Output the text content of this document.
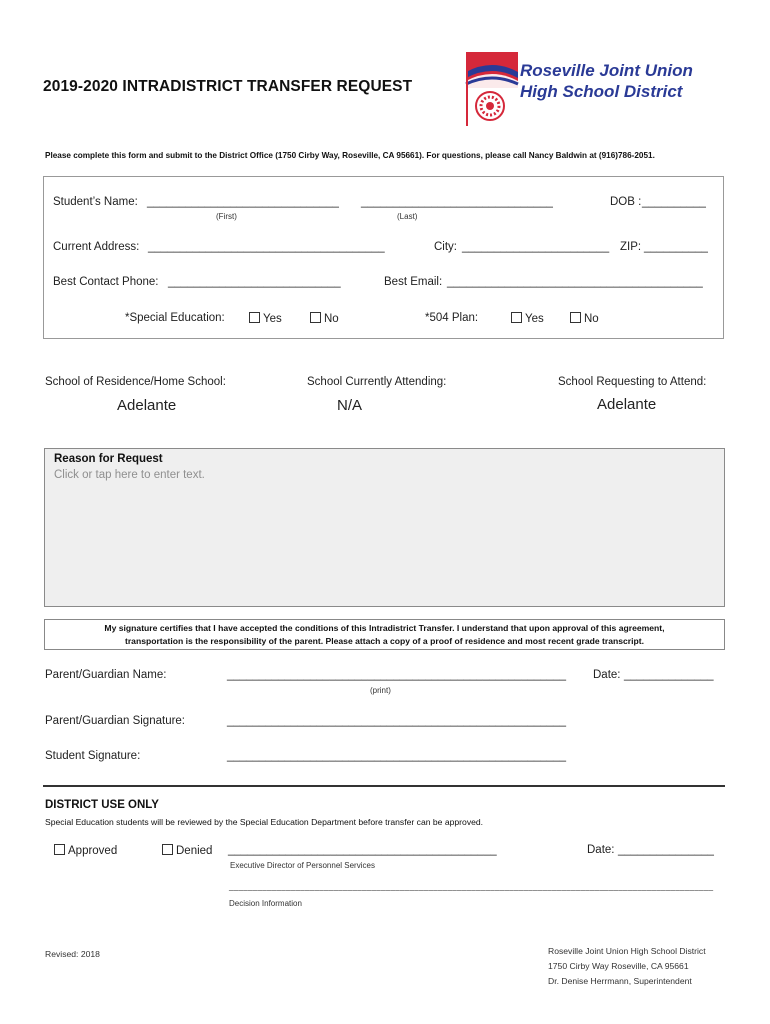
2019-2020 INTRADISTRICT TRANSFER REQUEST
Roseville Joint Union
High School District
Please complete this form and submit to the District Office (1750 Cirby Way, Roseville, CA 95661). For questions, please call Nancy Baldwin at (916)786-2051.
Student’s Name: ______________________________ ______________________________
(First)	(Last)
DOB : __________
Current Address: _____________________________________	City: _______________________ ZIP: __________
Best Contact Phone: ___________________________	Best Email: ________________________________________
*Special Education:	Yes	No	*504 Plan:	Yes	No
School of Residence/Home School:
Adelante
School Currently Attending:
N/A
School Requesting to Attend:
Adelante
Reason for Request
Click or tap here to enter text.
My signature certifies that I have accepted the conditions of this Intradistrict Transfer. I understand that upon approval of this agreement,
transportation is the responsibility of the parent. Please attach a copy of a proof of residence and most recent grade transcript.
Parent/Guardian Name:	_____________________________________________________
(print)
Date: ______________
Parent/Guardian Signature:	_____________________________________________________
Student Signature:	_____________________________________________________
DISTRICT USE ONLY
Special Education students will be reviewed by the Special Education Department before transfer can be approved.
Approved	Denied __________________________________________
Executive Director of Personnel Services
Date: _______________
______________________________________________________________________________________________________
Decision Information
Revised: 2018	Roseville Joint Union High School District
1750 Cirby Way Roseville, CA 95661
Dr. Denise Herrmann, Superintendent
